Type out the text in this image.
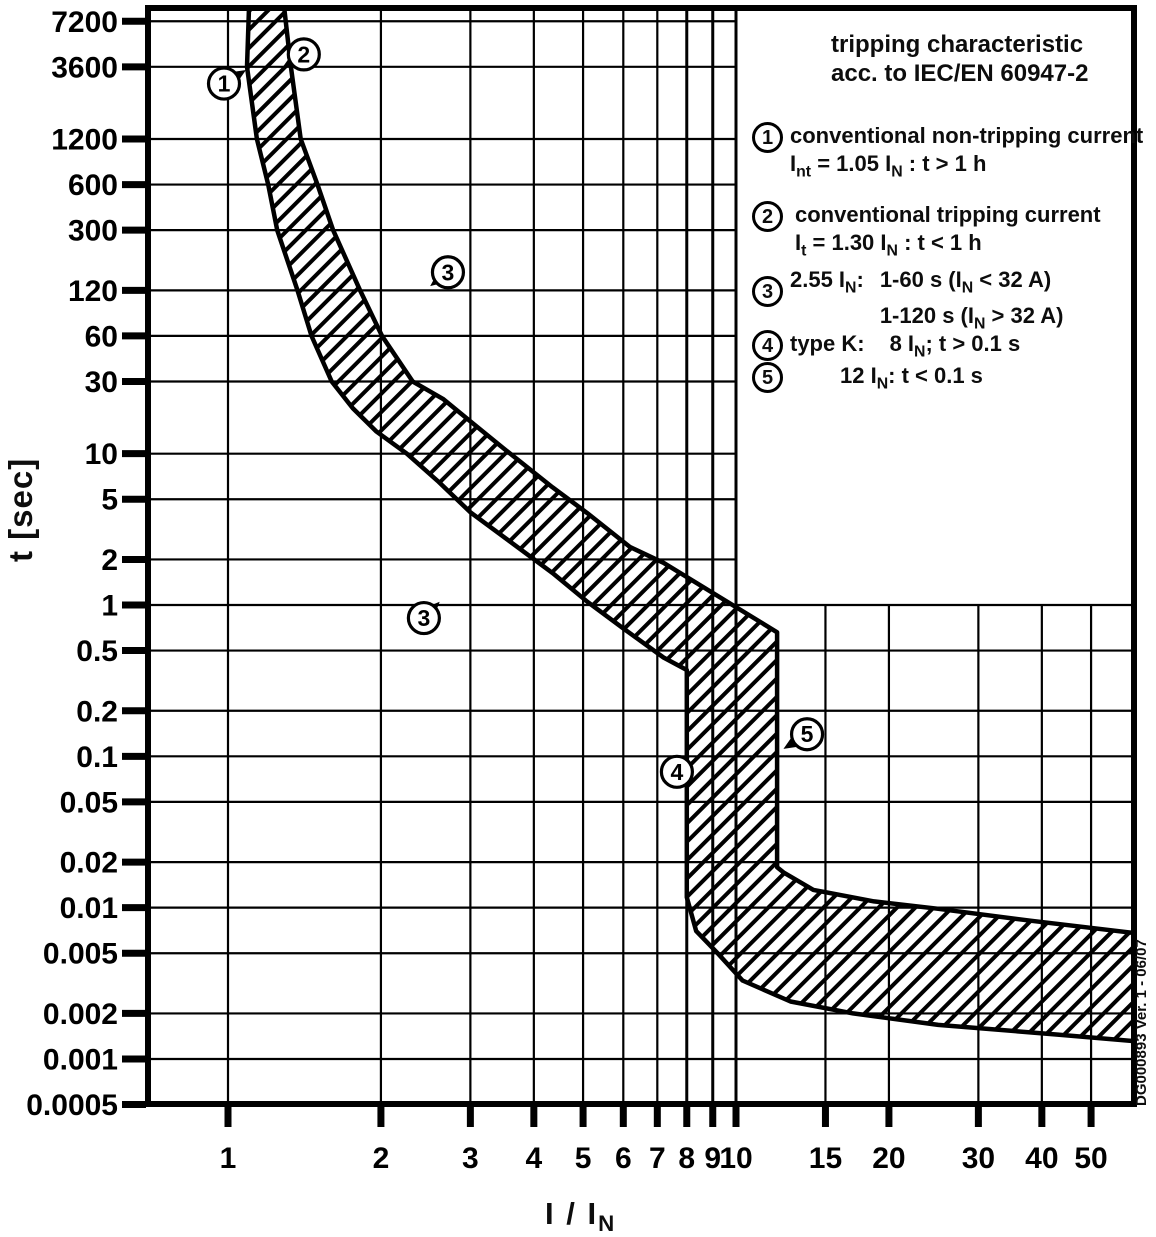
7200
3600
1200
600
300
120
60
30
10
5
2
1
0.5
0.2
0.1
0.05
0.02
0.01
0.005
0.002
0.001
0.0005
1	2 3 4 5 6 7 8 9
10 15 20 30 40 50
1
2
3
3
4
5
t [sec]
I / $I_N$
DG000893 Ver. 1 - 06/07
tripping characteristic
acc. to IEC/EN 60947-2
1 conventional non-tripping current
$I_{nt} = 1.05$ $I_N$ : t > 1 h
2 conventional tripping current
$I_t = 1.30$ $I_N$ : t < 1 h
3 2.55 $I_N$: 1-60 s ($I_N < 32$ A)
1-120 s ($I_N > 32$ A)
4 type K: 8 $I_N$; t > 0.1 s
5	12 $I_N$: t < 0.1 s
